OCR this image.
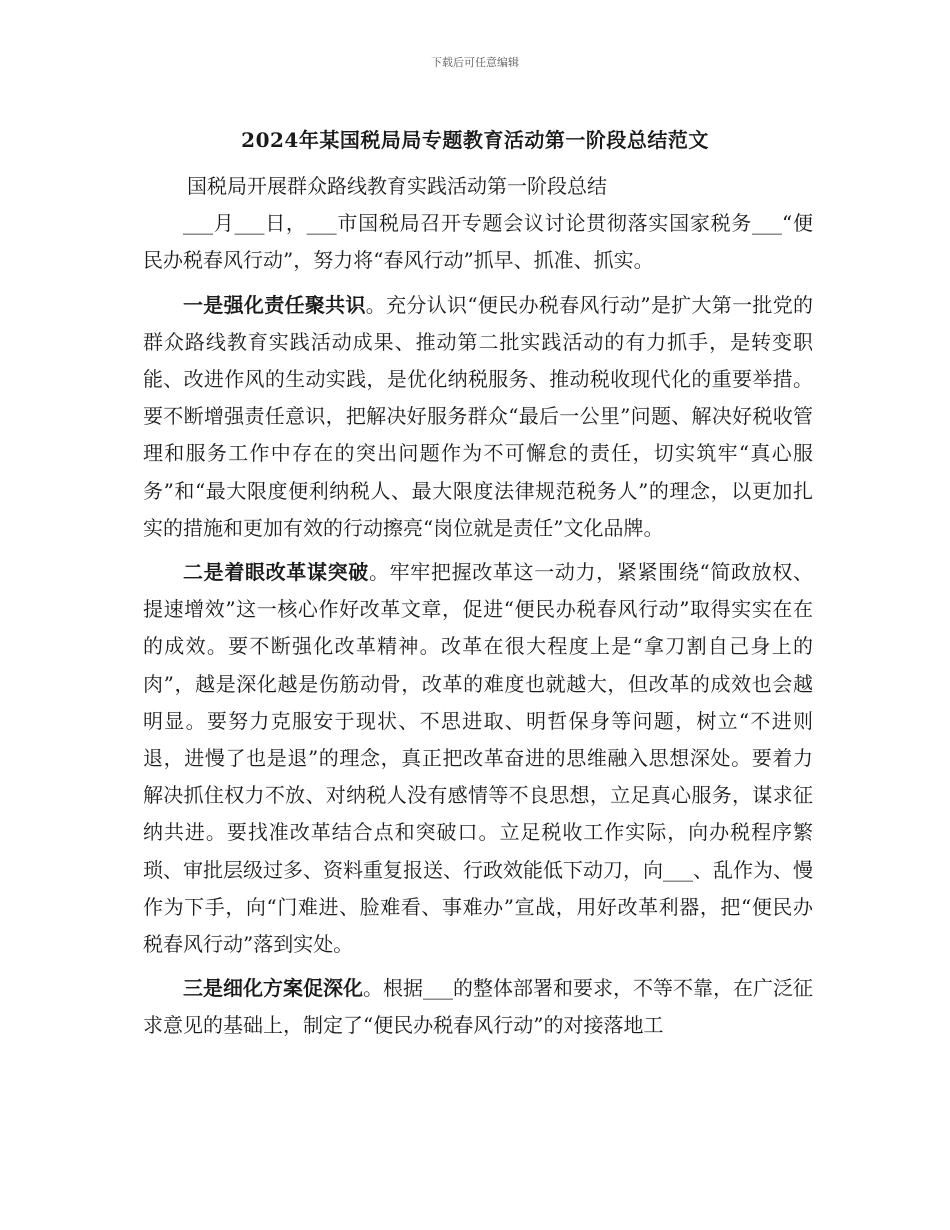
下载后可任意编辑
2024年某国税局局专题教育活动第一阶段总结范文

国税局开展群众路线教育实践活动第一阶段总结

___月___日，___市国税局召开专题会议讨论贯彻落实国家税务___“便民办税春风行动”，努力将“春风行动”抓早、抓准、抓实。

一是强化责任聚共识。充分认识“便民办税春风行动”是扩大第一批党的群众路线教育实践活动成果、推动第二批实践活动的有力抓手，是转变职能、改进作风的生动实践，是优化纳税服务、推动税收现代化的重要举措。要不断增强责任意识，把解决好服务群众“最后一公里”问题、解决好税收管理和服务工作中存在的突出问题作为不可懈怠的责任，切实筑牢“真心服务”和“最大限度便利纳税人、最大限度法律规范税务人”的理念，以更加扎实的措施和更加有效的行动擦亮“岗位就是责任”文化品牌。

二是着眼改革谋突破。牢牢把握改革这一动力，紧紧围绕“简政放权、提速增效”这一核心作好改革文章，促进“便民办税春风行动”取得实实在在的成效。要不断强化改革精神。改革在很大程度上是“拿刀割自己身上的肉”，越是深化越是伤筋动骨，改革的难度也就越大，但改革的成效也会越明显。要努力克服安于现状、不思进取、明哲保身等问题，树立“不进则退，进慢了也是退”的理念，真正把改革奋进的思维融入思想深处。要着力解决抓住权力不放、对纳税人没有感情等不良思想，立足真心服务，谋求征纳共进。要找准改革结合点和突破口。立足税收工作实际，向办税程序繁琐、审批层级过多、资料重复报送、行政效能低下动刀，向___、乱作为、慢作为下手，向“门难进、脸难看、事难办”宣战，用好改革利器，把“便民办税春风行动”落到实处。

三是细化方案促深化。根据___的整体部署和要求，不等不靠，在广泛征求意见的基础上，制定了“便民办税春风行动”的对接落地工
